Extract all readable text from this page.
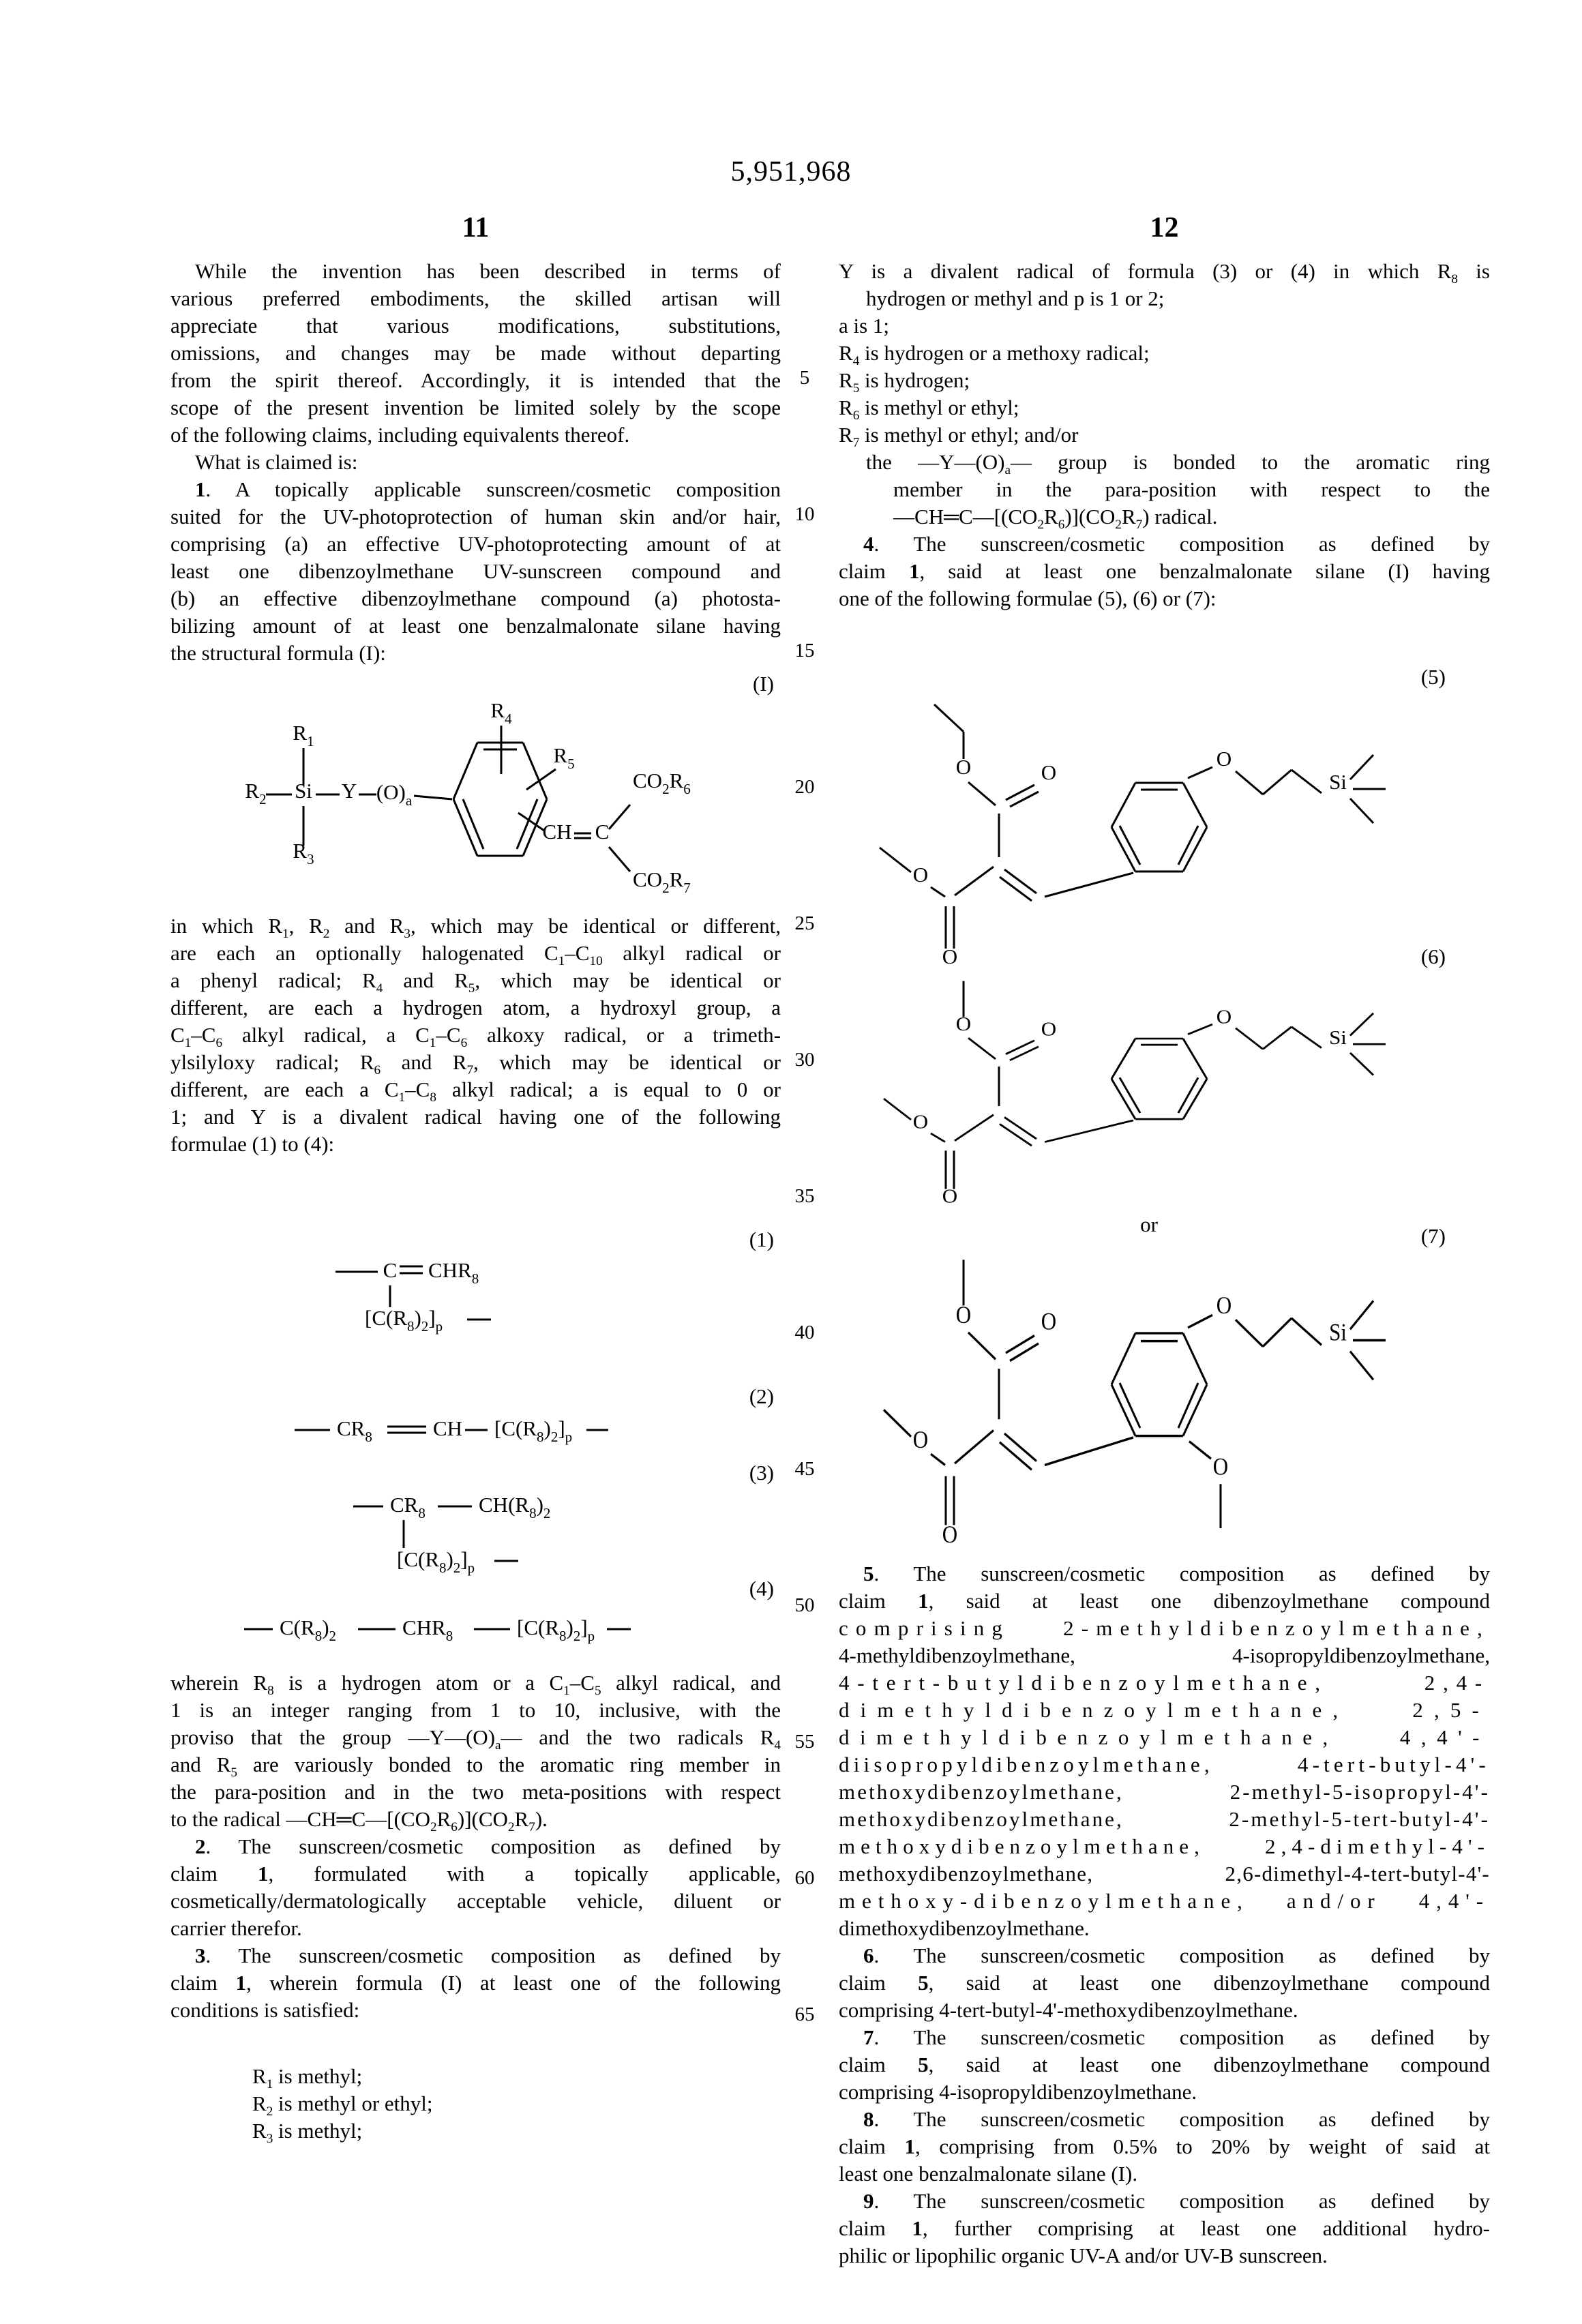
5,951,968
11	12
5
10
15
20
25
30
35
40
45
50
55
60
65
While the invention has been described in terms of
various preferred embodiments, the skilled artisan will
appreciate that various modifications, substitutions,
omissions, and changes may be made without departing
from the spirit thereof. Accordingly, it is intended that the
scope of the present invention be limited solely by the scope
of the following claims, including equivalents thereof.
What is claimed is:
1. A topically applicable sunscreen/cosmetic composition
suited for the UV-photoprotection of human skin and/or hair,
comprising (a) an effective UV-photoprotecting amount of at
least one dibenzoylmethane UV-sunscreen compound and
(b) an effective dibenzoylmethane compound (a) photosta-
bilizing amount of at least one benzalmalonate silane having
the structural formula (I):
in which $R_1$, $R_2$ and $R_3$, which may be identical or different,
are each an optionally halogenated $C_1-C_{10}$ alkyl radical or
a phenyl radical; $R_4$ and $R_5$, which may be identical or
different, are each a hydrogen atom, a hydroxyl group, a
$C_1-C_6$ alkyl radical, a $C_1-C_6$ alkoxy radical, or a trimeth-
ylsilyloxy radical; $R_6$ and $R_7$, which may be identical or
different, are each a $C_1-C_8$ alkyl radical; a is equal to 0 or
1; and Y is a divalent radical having one of the following
formulae (1) to (4):
wherein $R_8$ is a hydrogen atom or a $C_1-C_5$ alkyl radical, and
1 is an integer ranging from 1 to 10, inclusive, with the
proviso that the group $—Y—(O)_a—$ and the two radicals $R_4$
and $R_5$ are variously bonded to the aromatic ring member in
the para-position and in the two meta-positions with respect
to the radical $—CH═C—[(CO_2R_6)](CO_2R_7)$.
2. The sunscreen/cosmetic composition as defined by
claim 1, formulated with a topically applicable,
cosmetically/dermatologically acceptable vehicle, diluent or
carrier therefor.
3. The sunscreen/cosmetic composition as defined by
claim 1, wherein formula (I) at least one of the following
conditions is satisfied:
$R_1$ is methyl;
$R_2$ is methyl or ethyl;
$R_3$ is methyl;
Y is a divalent radical of formula (3) or (4) in which $R_8$ is
hydrogen or methyl and p is 1 or 2;
a is 1;
$R_4$ is hydrogen or a methoxy radical;
$R_5$ is hydrogen;
$R_6$ is methyl or ethyl;
$R_7$ is methyl or ethyl; and/or
the $—Y—(O)_a—$ group is bonded to the aromatic ring
member in the para-position with respect to the
$—CH═C—[(CO_2R_6)](CO_2R_7)$ radical.
4. The sunscreen/cosmetic composition as defined by
claim 1, said at least one benzalmalonate silane (I) having
one of the following formulae (5), (6) or (7):
5. The sunscreen/cosmetic composition as defined by
claim 1, said at least one dibenzoylmethane compound
comprising 2-methyldibenzoylmethane,
4-methyldibenzoylmethane, 4-isopropyldibenzoylmethane,
4-tert-butyldibenzoylmethane, 2,4-
dimethyldibenzoylmethane, 2,5-
dimethyldibenzoylmethane, 4,4'-
diisopropyldibenzoylmethane, 4-tert-butyl-4'-
methoxydibenzoylmethane, 2-methyl-5-isopropyl-4'-
methoxydibenzoylmethane, 2-methyl-5-tert-butyl-4'-
methoxydibenzoylmethane, 2,4-dimethyl-4'-
methoxydibenzoylmethane, 2,6-dimethyl-4-tert-butyl-4'-
methoxy-dibenzoylmethane, and/or 4,4'-
dimethoxydibenzoylmethane.
6. The sunscreen/cosmetic composition as defined by
claim 5, said at least one dibenzoylmethane compound
comprising 4-tert-butyl-4'-methoxydibenzoylmethane.
7. The sunscreen/cosmetic composition as defined by
claim 5, said at least one dibenzoylmethane compound
comprising 4-isopropyldibenzoylmethane.
8. The sunscreen/cosmetic composition as defined by
claim 1, comprising from 0.5% to 20% by weight of said at
least one benzalmalonate silane (I).
9. The sunscreen/cosmetic composition as defined by
claim 1, further comprising at least one additional hydro-
philic or lipophilic organic UV-A and/or UV-B sunscreen.
(I)
(1)
(2)
(3)
(4)
(5)
(6)
(7)
or
$R_2$ Si
$R_1$
$R_3$
Y $(O)_a$
$R_4$
$R_5$
CH C
$CO_2R_6$
$CO_2R_7$
C $CHR_8$
$[C(R_8)_2]_p$
$CR_8$	CH $[C(R_8)_2]_p$
$CR_8$	$CH(R_8)_2$
$[C(R_8)_2]_p$
$C(R_8)_2$	$CHR_8$	$[C(R_8)_2]_p$
O	O
O
Si
O
O
O	O
O
Si
O
O
O	O
O
Si
O
O
O
